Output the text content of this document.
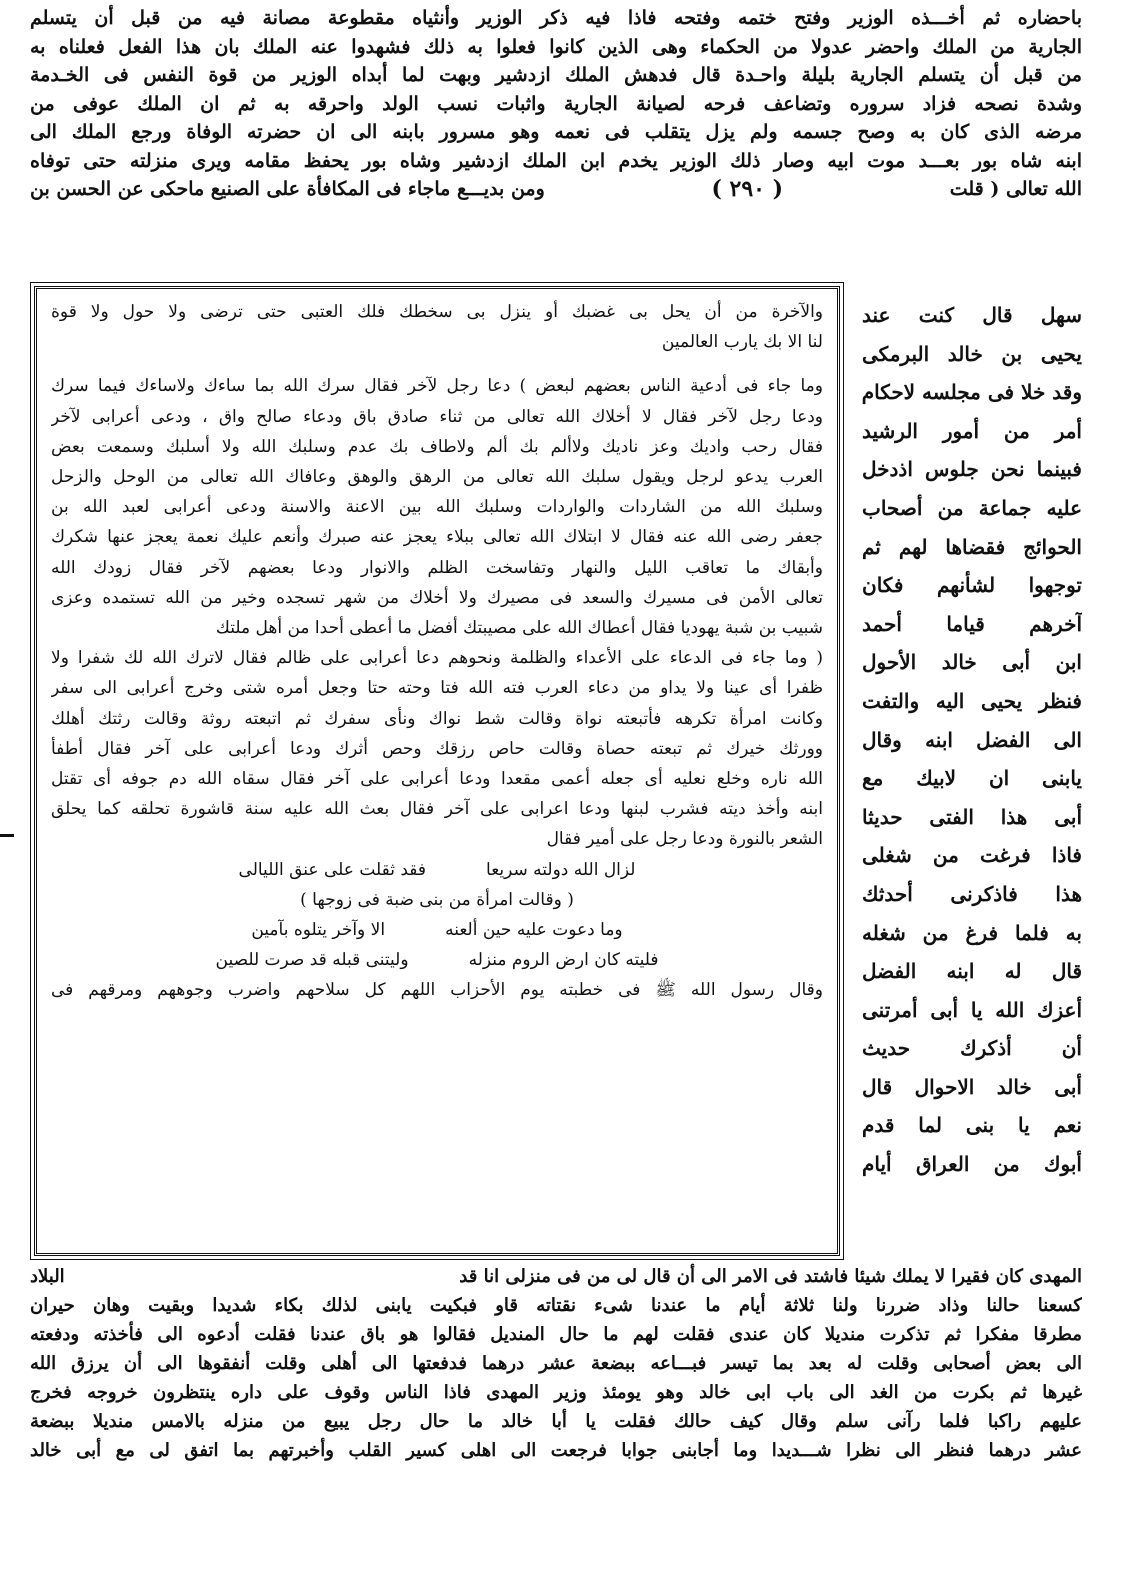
باحضاره ثم أخـــذه الوزير وفتح ختمه وفتحه فاذا فيه ذكر الوزير وأنثياه مقطوعة مصانة فيه من قبل أن يتسلم
الجارية من الملك واحضر عدولا من الحكماء وهى الذين كانوا فعلوا به ذلك فشهدوا عنه الملك بان هذا الفعل فعلناه به
من قبل أن يتسلم الجارية بليلة واحـدة قال فدهش الملك ازدشير وبهت لما أبداه الوزير من قوة النفس فى الخـدمة
وشدة نصحه فزاد سروره وتضاعف فرحه لصيانة الجارية واثبات نسب الولد واحرقه به ثم ان الملك عوفى من
مرضه الذى كان به وصح جسمه ولم يزل يتقلب فى نعمه وهو مسرور بابنه الى ان حضرته الوفاة ورجع الملك الى
ابنه شاه بور بعـــد موت ابيه وصار ذلك الوزير يخدم ابن الملك ازدشير وشاه بور يحفظ مقامه ويرى منزلته حتى توفاه
الله تعالى ( قلت
( ٢٩٠ )
ومن بديـــع ماجاء فى المكافأة على الصنيع ماحكى عن الحسن بن
سهل قال كنت عند
يحيى بن خالد البرمكى
وقد خلا فى مجلسه لاحكام
أمر من أمور الرشيد
فبينما نحن جلوس اذدخل
عليه جماعة من أصحاب
الحوائج فقضاها لهم ثم
توجهوا لشأنهم فكان
آخرهم قياما أحمد
ابن أبى خالد الأحول
فنظر يحيى اليه والتفت
الى الفضل ابنه وقال
يابنى ان لابيك مع
أبى هذا الفتى حديثا
فاذا فرغت من شغلى
هذا فاذكرنى أحدثك
به فلما فرغ من شغله
قال له ابنه الفضل
أعزك الله يا أبى أمرتنى
أن أذكرك حديث
أبى خالد الاحوال قال
نعم يا بنى لما قدم
أبوك من العراق أيام
والآخرة من أن يحل بى غضبك أو ينزل بى سخطك فلك العتبى حتى ترضى ولا حول ولا قوة
لنا الا بك يارب العالمين
وما جاء فى أدعية الناس بعضهم لبعض ) دعا رجل لآخر فقال سرك الله بما ساءك ولاساءك فيما سرك
ودعا رجل لآخر فقال لا أخلاك الله تعالى من ثناء صادق باق ودعاء صالح واق ، ودعى أعرابى لآخر
فقال رحب واديك وعز ناديك ولاألم بك ألم ولاطاف بك عدم وسلبك الله ولا أسلبك وسمعت بعض
العرب يدعو لرجل ويقول سلبك الله تعالى من الرهق والوهق وعافاك الله تعالى من الوحل والزحل
وسلبك الله من الشاردات والواردات وسلبك الله بين الاعنة والاسنة ودعى أعرابى لعبد الله بن
جعفر رضى الله عنه فقال لا ابتلاك الله تعالى ببلاء يعجز عنه صبرك وأنعم عليك نعمة يعجز عنها شكرك
وأبقاك ما تعاقب الليل والنهار وتفاسخت الظلم والانوار ودعا بعضهم لآخر فقال زودك الله
تعالى الأمن فى مسيرك والسعد فى مصيرك ولا أخلاك من شهر تسجده وخير من الله تستمده وعزى
شبيب بن شبة يهوديا فقال أعطاك الله على مصيبتك أفضل ما أعطى أحدا من أهل ملتك
( وما جاء فى الدعاء على الأعداء والظلمة ونحوهم دعا أعرابى على ظالم فقال لاترك الله لك شفرا ولا
ظفرا أى عينا ولا يداو من دعاء العرب فته الله فتا وحته حتا وجعل أمره شتى وخرج أعرابى الى سفر
وكانت امرأة تكرهه فأتبعته نواة وقالت شط نواك ونأى سفرك ثم اتبعته روثة وقالت رثتك أهلك
وورثك خيرك ثم تبعته حصاة وقالت حاص رزقك وحص أثرك ودعا أعرابى على آخر فقال أطفأ
الله ناره وخلع نعليه أى جعله أعمى مقعدا ودعا أعرابى على آخر فقال سقاه الله دم جوفه أى تقتل
ابنه وأخذ ديته فشرب لبنها ودعا اعرابى على آخر فقال بعث الله عليه سنة قاشورة تحلقه كما يحلق
الشعر بالنورة ودعا رجل على أمير فقال
لزال الله دولته سريعا
فقد ثقلت على عنق الليالى
( وقالت امرأة من بنى ضبة فى زوجها )
وما دعوت عليه حين ألعنه
الا وآخر يتلوه بآمين
فليته كان ارض الروم منزله
وليتنى قبله قد صرت للصين
وقال رسول الله ﷺ فى خطبته يوم الأحزاب اللهم كل سلاحهم واضرب وجوههم ومرقهم فى
المهدى كان فقيرا لا يملك شيئا فاشتد فى الامر الى أن قال لى من فى منزلى انا قد
البلاد
كسعنا حالنا وذاد ضررنا ولنا ثلاثة أيام ما عندنا شىء نقتاته قاو فبكيت يابنى لذلك بكاء شديدا وبقيت وهان حيران
مطرقا مفكرا ثم تذكرت منديلا كان عندى فقلت لهم ما حال المنديل فقالوا هو باق عندنا فقلت أدعوه الى فأخذته ودفعته
الى بعض أصحابى وقلت له بعد بما تيسر فبـــاعه ببضعة عشر درهما فدفعتها الى أهلى وقلت أنفقوها الى أن يرزق الله
غيرها ثم بكرت من الغد الى باب ابى خالد وهو يومئذ وزير المهدى فاذا الناس وقوف على داره ينتظرون خروجه فخرج
عليهم راكبا فلما رآنى سلم وقال كيف حالك فقلت يا أبا خالد ما حال رجل يبيع من منزله بالامس منديلا ببضعة
عشر درهما فنظر الى نظرا شـــديدا وما أجابنى جوابا فرجعت الى اهلى كسير القلب وأخبرتهم بما اتفق لى مع أبى خالد
